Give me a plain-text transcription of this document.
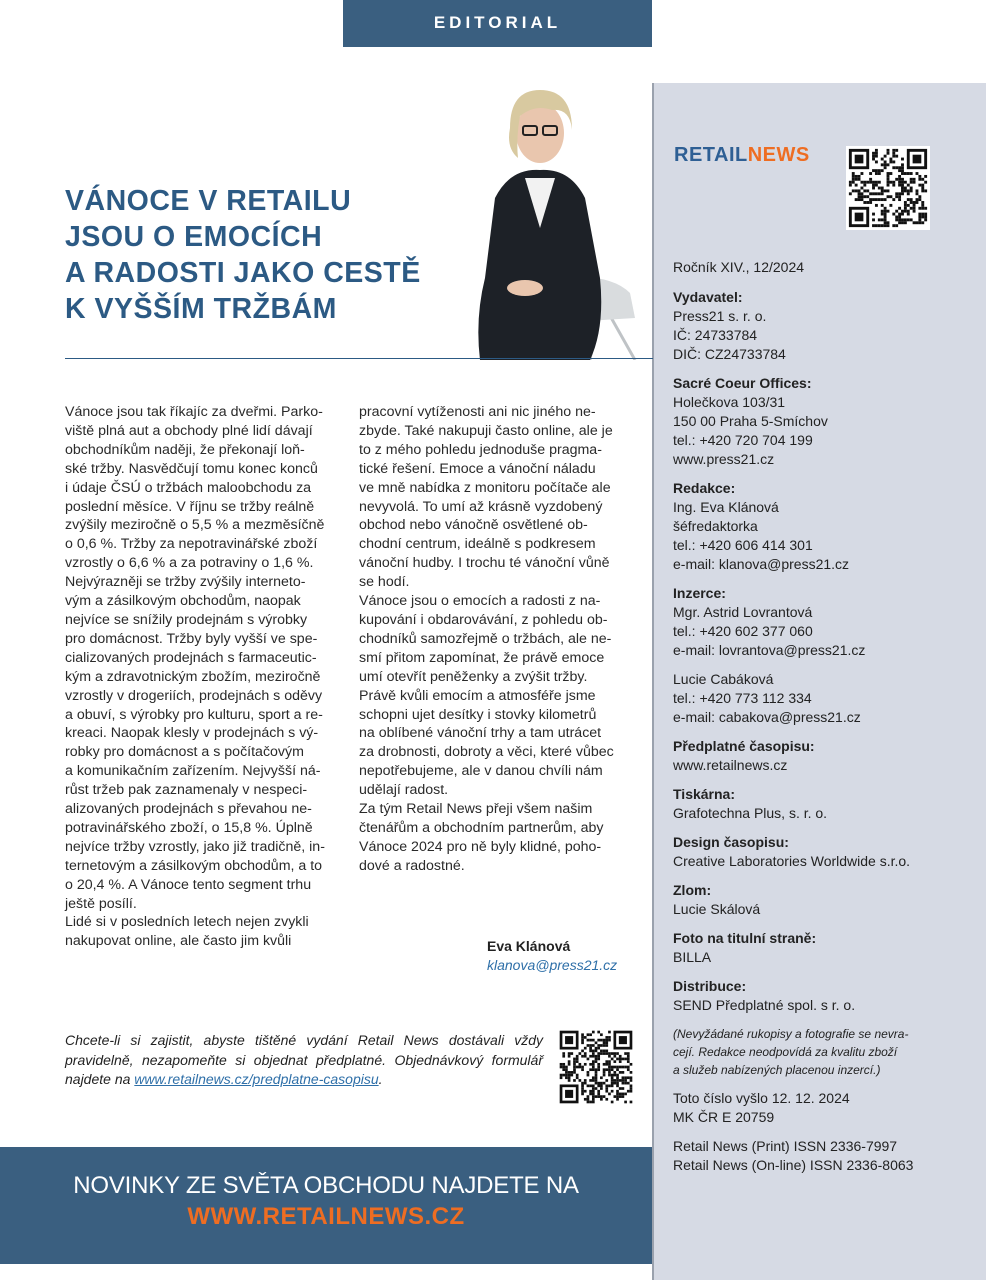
EDITORIAL
RETAILNEWS
VÁNOCE V RETAILU
JSOU O EMOCÍCH
A RADOSTI JAKO CESTĚ
K VYŠŠÍM TRŽBÁM

Vánoce jsou tak říkajíc za dveřmi. Parko-

viště plná aut a obchody plné lidí dávají

obchodníkům naději, že překonají loň-

ské tržby. Nasvědčují tomu konec konců

i údaje ČSÚ o tržbách maloobchodu za

poslední měsíce. V říjnu se tržby reálně

zvýšily meziročně o 5,5 % a mezměsíčně

o 0,6 %. Tržby za nepotravinářské zboží

vzrostly o 6,6 % a za potraviny o 1,6 %.

Nejvýrazněji se tržby zvýšily interneto-

vým a zásilkovým obchodům, naopak

nejvíce se snížily prodejnám s výrobky

pro domácnost. Tržby byly vyšší ve spe-

cializovaných prodejnách s farmaceutic-

kým a zdravotnickým zbožím, meziročně

vzrostly v drogeriích, prodejnách s oděvy

a obuví, s výrobky pro kulturu, sport a re-

kreaci. Naopak klesly v prodejnách s vý-

robky pro domácnost a s počítačovým

a komunikačním zařízením. Nejvyšší ná-

růst tržeb pak zaznamenaly v nespeci-

alizovaných prodejnách s převahou ne-

potravinářského zboží, o 15,8 %. Úplně

nejvíce tržby vzrostly, jako již tradičně, in-

ternetovým a zásilkovým obchodům, a to

o 20,4 %. A Vánoce tento segment trhu

ještě posílí.

Lidé si v posledních letech nejen zvykli

nakupovat online, ale často jim kvůli

pracovní vytíženosti ani nic jiného ne-

zbyde. Také nakupuji často online, ale je

to z mého pohledu jednoduše pragma-

tické řešení. Emoce a vánoční náladu

ve mně nabídka z monitoru počítače ale

nevyvolá. To umí až krásně vyzdobený

obchod nebo vánočně osvětlené ob-

chodní centrum, ideálně s podkresem

vánoční hudby. I trochu té vánoční vůně

se hodí.

Vánoce jsou o emocích a radosti z na-

kupování i obdarovávání, z pohledu ob-

chodníků samozřejmě o tržbách, ale ne-

smí přitom zapomínat, že právě emoce

umí otevřít peněženky a zvýšit tržby.

Právě kvůli emocím a atmosféře jsme

schopni ujet desítky i stovky kilometrů

na oblíbené vánoční trhy a tam utrácet

za drobnosti, dobroty a věci, které vůbec

nepotřebujeme, ale v danou chvíli nám

udělají radost.

Za tým Retail News přeji všem našim

čtenářům a obchodním partnerům, aby

Vánoce 2024 pro ně byly klidné, poho-

dové a radostné.

Eva Klánová
klanova@press21.cz

Chcete-li si zajistit, abyste tištěné vydání Retail News dostávali vždy pravidelně, nezapomeňte si objednat předplatné. Objednávkový formulář najdete na www.retailnews.cz/predplatne-casopisu.

NOVINKY ZE SVĚTA OBCHODU NAJDETE NA
WWW.RETAILNEWS.CZ
Ročník XIV., 12/2024
Vydavatel:
Press21 s. r. o.
IČ: 24733784
DIČ: CZ24733784
Sacré Coeur Offices:
Holečkova 103/31
150 00 Praha 5-Smíchov
tel.: +420 720 704 199
www.press21.cz
Redakce:
Ing. Eva Klánová
šéfredaktorka
tel.: +420 606 414 301
e-mail: klanova@press21.cz
Inzerce:
Mgr. Astrid Lovrantová
tel.: +420 602 377 060
e-mail: lovrantova@press21.cz
Lucie Cabáková
tel.: +420 773 112 334
e-mail: cabakova@press21.cz
Předplatné časopisu:
www.retailnews.cz
Tiskárna:
Grafotechna Plus, s. r. o.
Design časopisu:
Creative Laboratories Worldwide s.r.o.
Zlom:
Lucie Skálová
Foto na titulní straně:
BILLA
Distribuce:
SEND Předplatné spol. s r. o.
(Nevyžádané rukopisy a fotografie se nevra-
cejí. Redakce neodpovídá za kvalitu zboží
a služeb nabízených placenou inzercí.)
Toto číslo vyšlo 12. 12. 2024
MK ČR E 20759
Retail News (Print) ISSN 2336-7997
Retail News (On-line) ISSN 2336-8063
